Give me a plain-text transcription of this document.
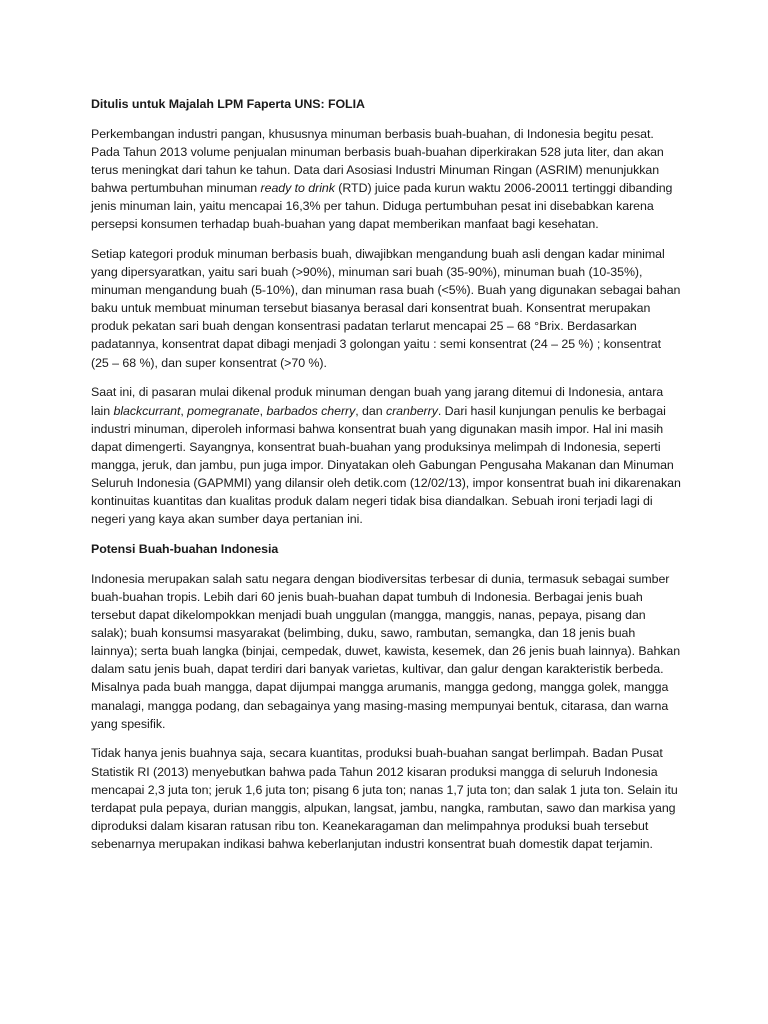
Ditulis untuk Majalah LPM Faperta UNS: FOLIA

Perkembangan industri pangan, khususnya minuman berbasis buah-buahan, di Indonesia begitu pesat. Pada Tahun 2013 volume penjualan minuman berbasis buah-buahan diperkirakan 528 juta liter, dan akan terus meningkat dari tahun ke tahun. Data dari Asosiasi Industri Minuman Ringan (ASRIM) menunjukkan bahwa pertumbuhan minuman ready to drink (RTD) juice pada kurun waktu 2006-20011 tertinggi dibanding jenis minuman lain, yaitu mencapai 16,3% per tahun. Diduga pertumbuhan pesat ini disebabkan karena persepsi konsumen terhadap buah-buahan yang dapat memberikan manfaat bagi kesehatan.

Setiap kategori produk minuman berbasis buah, diwajibkan mengandung buah asli dengan kadar minimal yang dipersyaratkan, yaitu sari buah (>90%), minuman sari buah (35-90%), minuman buah (10-35%), minuman mengandung buah (5-10%), dan minuman rasa buah (<5%). Buah yang digunakan sebagai bahan baku untuk membuat minuman tersebut biasanya berasal dari konsentrat buah. Konsentrat merupakan produk pekatan sari buah dengan konsentrasi padatan terlarut mencapai 25 – 68 °Brix. Berdasarkan padatannya, konsentrat dapat dibagi menjadi 3 golongan yaitu : semi konsentrat (24 – 25 %) ; konsentrat (25 – 68 %), dan super konsentrat (>70 %).

Saat ini, di pasaran mulai dikenal produk minuman dengan buah yang jarang ditemui di Indonesia, antara lain blackcurrant, pomegranate, barbados cherry, dan cranberry. Dari hasil kunjungan penulis ke berbagai industri minuman, diperoleh informasi bahwa konsentrat buah yang digunakan masih impor. Hal ini masih dapat dimengerti. Sayangnya, konsentrat buah-buahan yang produksinya melimpah di Indonesia, seperti mangga, jeruk, dan jambu, pun juga impor. Dinyatakan oleh Gabungan Pengusaha Makanan dan Minuman Seluruh Indonesia (GAPMMI) yang dilansir oleh detik.com (12/02/13), impor konsentrat buah ini dikarenakan kontinuitas kuantitas dan kualitas produk dalam negeri tidak bisa diandalkan. Sebuah ironi terjadi lagi di negeri yang kaya akan sumber daya pertanian ini.

Potensi Buah-buahan Indonesia

Indonesia merupakan salah satu negara dengan biodiversitas terbesar di dunia, termasuk sebagai sumber buah-buahan tropis. Lebih dari 60 jenis buah-buahan dapat tumbuh di Indonesia. Berbagai jenis buah tersebut dapat dikelompokkan menjadi buah unggulan (mangga, manggis, nanas, pepaya, pisang dan salak); buah konsumsi masyarakat (belimbing, duku, sawo, rambutan, semangka, dan 18 jenis buah lainnya); serta buah langka (binjai, cempedak, duwet, kawista, kesemek, dan 26 jenis buah lainnya). Bahkan dalam satu jenis buah, dapat terdiri dari banyak varietas, kultivar, dan galur dengan karakteristik berbeda. Misalnya pada buah mangga, dapat dijumpai mangga arumanis, mangga gedong, mangga golek, mangga manalagi, mangga podang, dan sebagainya yang masing-masing mempunyai bentuk, citarasa, dan warna yang spesifik.

Tidak hanya jenis buahnya saja, secara kuantitas, produksi buah-buahan sangat berlimpah. Badan Pusat Statistik RI (2013) menyebutkan bahwa pada Tahun 2012 kisaran produksi mangga di seluruh Indonesia mencapai 2,3 juta ton; jeruk 1,6 juta ton; pisang 6 juta ton; nanas 1,7 juta ton; dan salak 1 juta ton. Selain itu terdapat pula pepaya, durian manggis, alpukan, langsat, jambu, nangka, rambutan, sawo dan markisa yang diproduksi dalam kisaran ratusan ribu ton. Keanekaragaman dan melimpahnya produksi buah tersebut sebenarnya merupakan indikasi bahwa keberlanjutan industri konsentrat buah domestik dapat terjamin.
